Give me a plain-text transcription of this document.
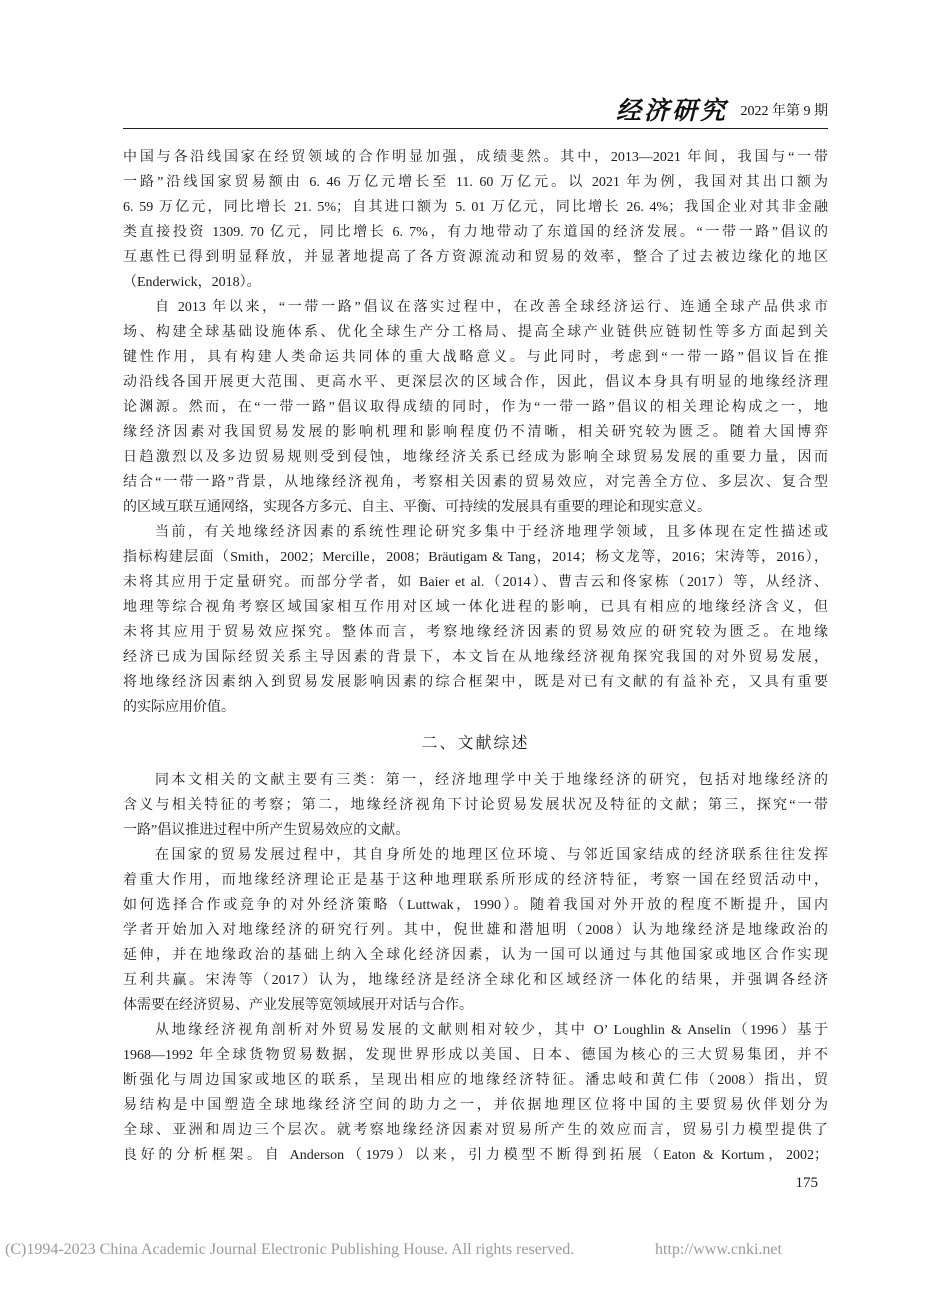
经济研究 2022 年第 9 期
中国与各沿线国家在经贸领域的合作明显加强，成绩斐然。其中，2013—2021 年间，我国与“一带
一路”沿线国家贸易额由 6. 46 万亿元增长至 11. 60 万亿元。以 2021 年为例，我国对其出口额为
6. 59 万亿元，同比增长 21. 5%；自其进口额为 5. 01 万亿元，同比增长 26. 4%；我国企业对其非金融
类直接投资 1309. 70 亿元，同比增长 6. 7%，有力地带动了东道国的经济发展。“一带一路”倡议的
互惠性已得到明显释放，并显著地提高了各方资源流动和贸易的效率，整合了过去被边缘化的地区
（Enderwick，2018）。
自 2013 年以来，“一带一路”倡议在落实过程中，在改善全球经济运行、连通全球产品供求市
场、构建全球基础设施体系、优化全球生产分工格局、提高全球产业链供应链韧性等多方面起到关
键性作用，具有构建人类命运共同体的重大战略意义。与此同时，考虑到“一带一路”倡议旨在推
动沿线各国开展更大范围、更高水平、更深层次的区域合作，因此，倡议本身具有明显的地缘经济理
论渊源。然而，在“一带一路”倡议取得成绩的同时，作为“一带一路”倡议的相关理论构成之一，地
缘经济因素对我国贸易发展的影响机理和影响程度仍不清晰，相关研究较为匮乏。随着大国博弈
日趋激烈以及多边贸易规则受到侵蚀，地缘经济关系已经成为影响全球贸易发展的重要力量，因而
结合“一带一路”背景，从地缘经济视角，考察相关因素的贸易效应，对完善全方位、多层次、复合型
的区域互联互通网络，实现各方多元、自主、平衡、可持续的发展具有重要的理论和现实意义。
当前，有关地缘经济因素的系统性理论研究多集中于经济地理学领域，且多体现在定性描述或
指标构建层面（Smith，2002；Mercille，2008；Bräutigam & Tang，2014；杨文龙等，2016；宋涛等，2016），
未将其应用于定量研究。而部分学者，如 Baier et al.（2014）、曹吉云和佟家栋（2017）等，从经济、
地理等综合视角考察区域国家相互作用对区域一体化进程的影响，已具有相应的地缘经济含义，但
未将其应用于贸易效应探究。整体而言，考察地缘经济因素的贸易效应的研究较为匮乏。在地缘
经济已成为国际经贸关系主导因素的背景下，本文旨在从地缘经济视角探究我国的对外贸易发展，
将地缘经济因素纳入到贸易发展影响因素的综合框架中，既是对已有文献的有益补充，又具有重要
的实际应用价值。
二、文献综述
同本文相关的文献主要有三类：第一，经济地理学中关于地缘经济的研究，包括对地缘经济的
含义与相关特征的考察；第二，地缘经济视角下讨论贸易发展状况及特征的文献；第三，探究“一带
一路”倡议推进过程中所产生贸易效应的文献。
在国家的贸易发展过程中，其自身所处的地理区位环境、与邻近国家结成的经济联系往往发挥
着重大作用，而地缘经济理论正是基于这种地理联系所形成的经济特征，考察一国在经贸活动中，
如何选择合作或竞争的对外经济策略（Luttwak，1990）。随着我国对外开放的程度不断提升，国内
学者开始加入对地缘经济的研究行列。其中，倪世雄和潜旭明（2008）认为地缘经济是地缘政治的
延伸，并在地缘政治的基础上纳入全球化经济因素，认为一国可以通过与其他国家或地区合作实现
互利共赢。宋涛等（2017）认为，地缘经济是经济全球化和区域经济一体化的结果，并强调各经济
体需要在经济贸易、产业发展等宽领域展开对话与合作。
从地缘经济视角剖析对外贸易发展的文献则相对较少，其中 O’ Loughlin & Anselin（1996）基于
1968—1992 年全球货物贸易数据，发现世界形成以美国、日本、德国为核心的三大贸易集团，并不
断强化与周边国家或地区的联系，呈现出相应的地缘经济特征。潘忠岐和黄仁伟（2008）指出，贸
易结构是中国塑造全球地缘经济空间的助力之一，并依据地理区位将中国的主要贸易伙伴划分为
全球、亚洲和周边三个层次。就考察地缘经济因素对贸易所产生的效应而言，贸易引力模型提供了
良好的分析框架。自 Anderson（1979）以来，引力模型不断得到拓展（Eaton & Kortum，2002；
175
(C)1994-2023 China Academic Journal Electronic Publishing House. All rights reserved.	http://www.cnki.net
